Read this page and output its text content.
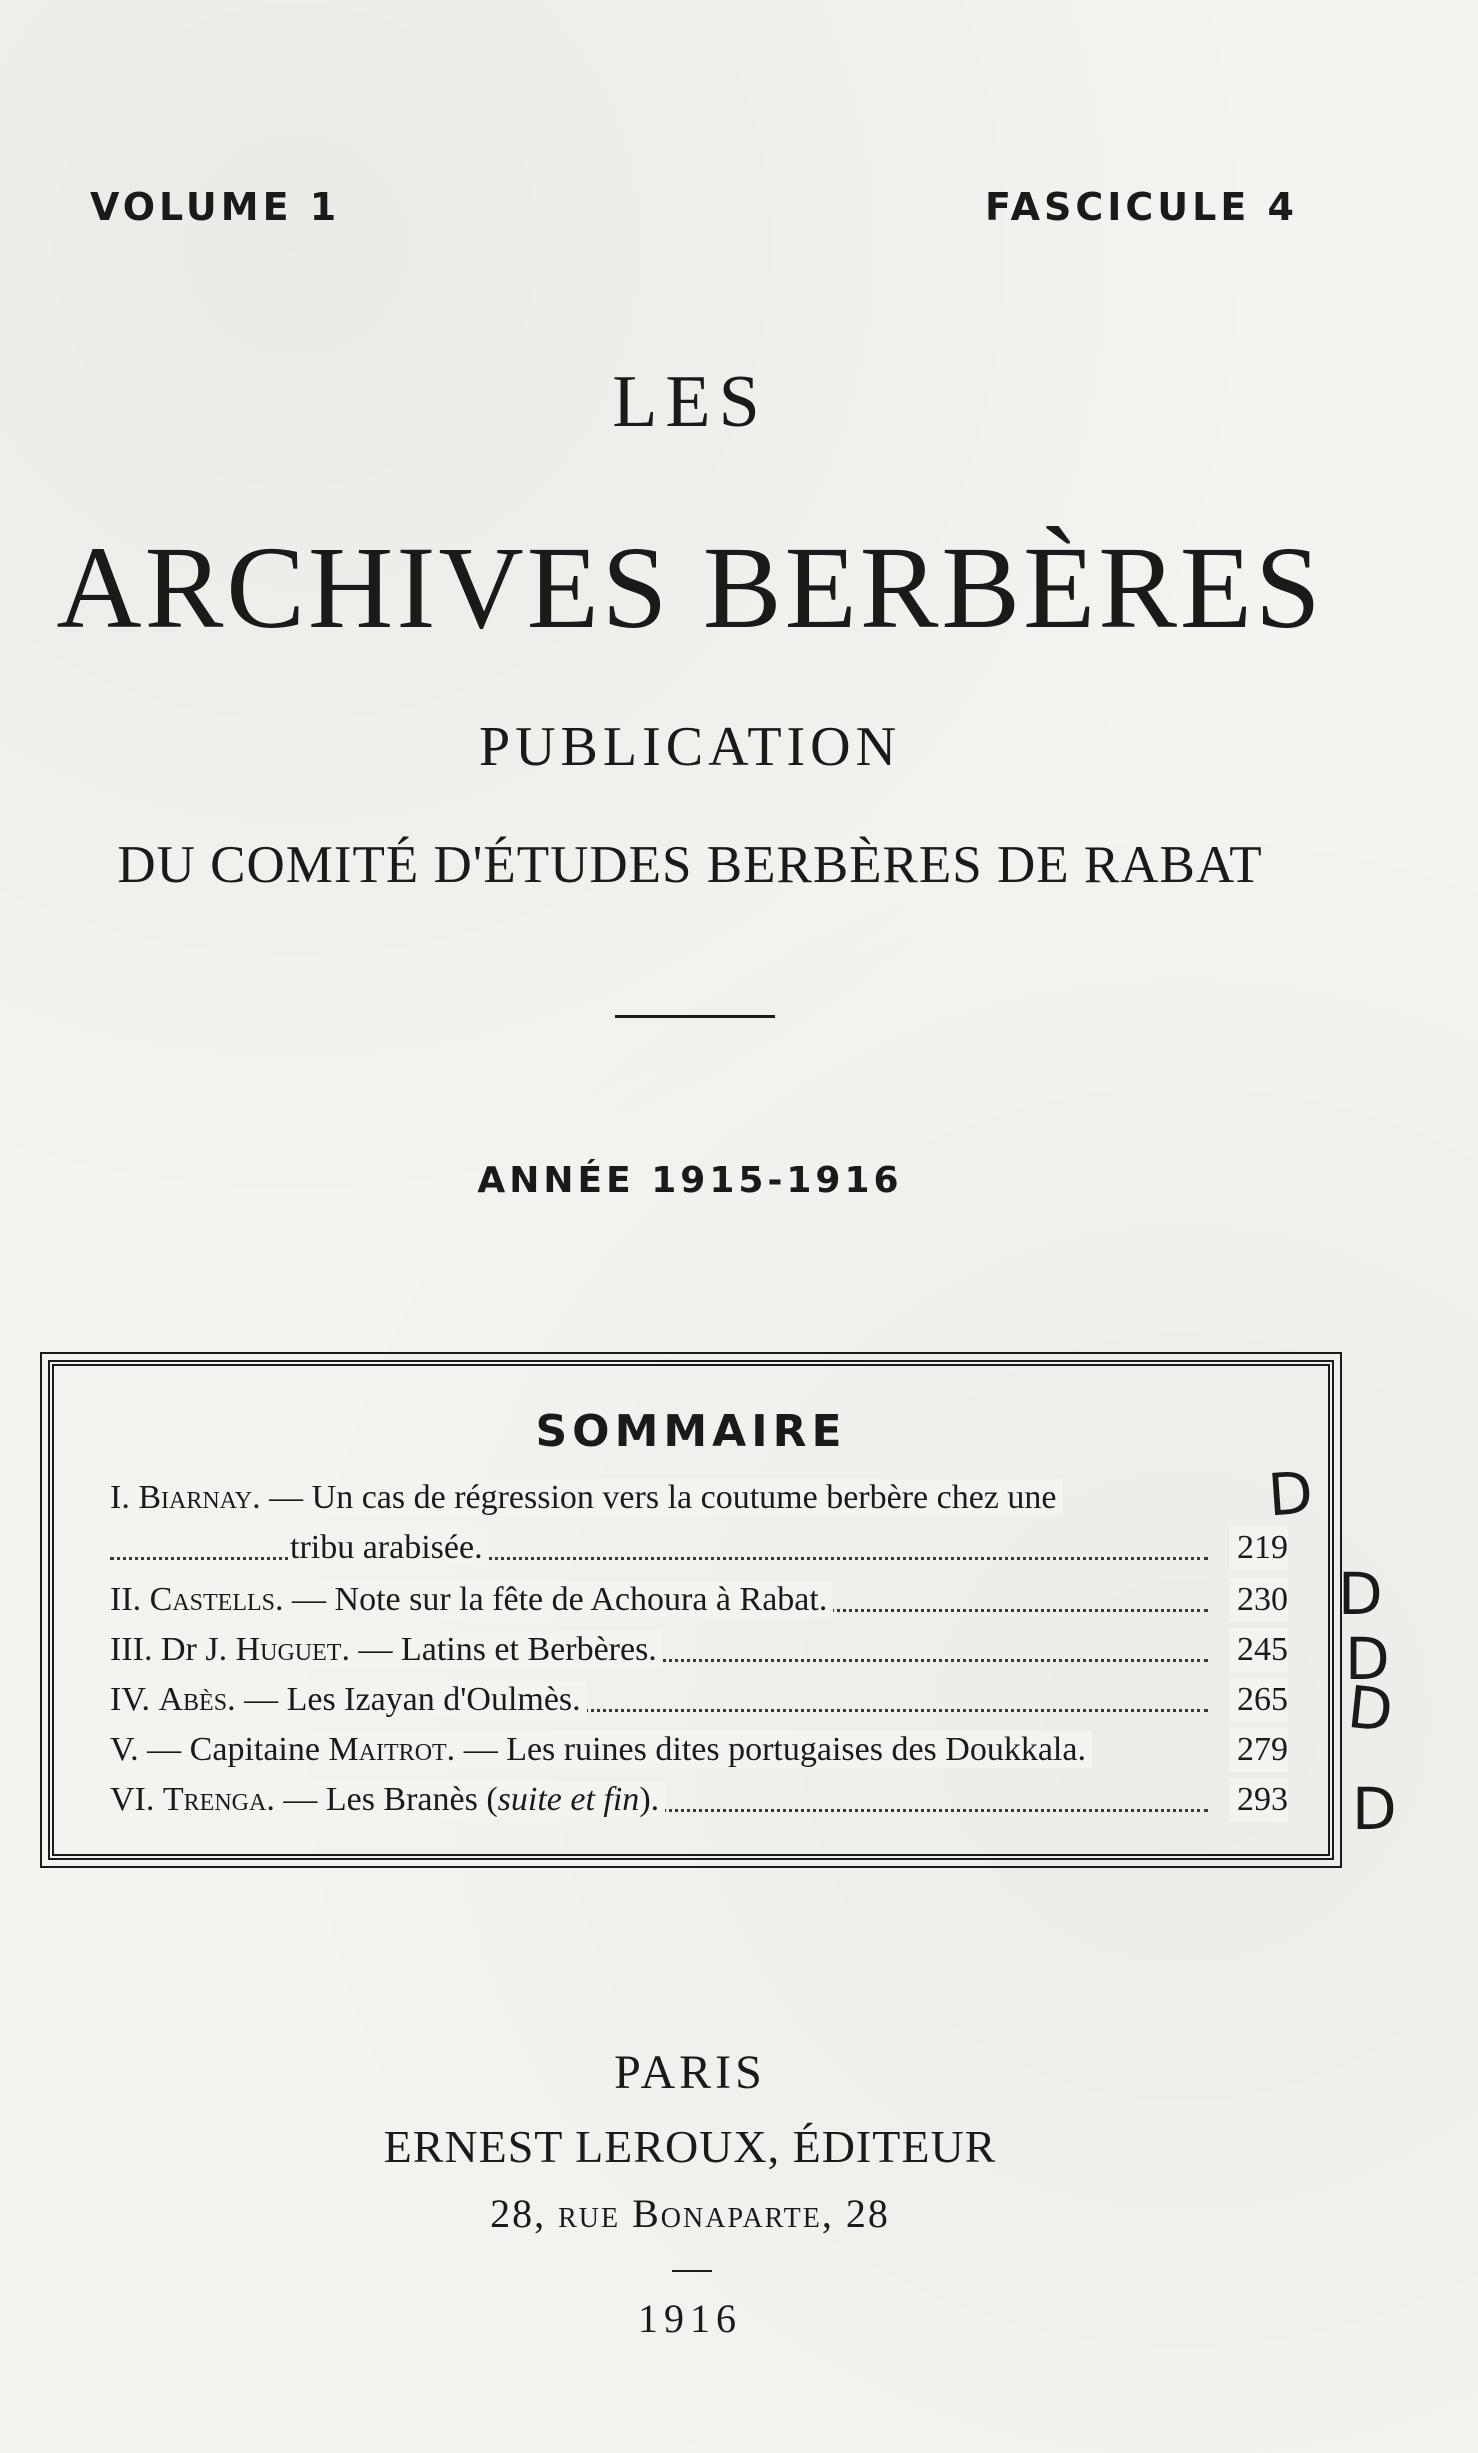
VOLUME 1	FASCICULE 4
LES
ARCHIVES BERBÈRES
PUBLICATION
DU COMITÉ D'ÉTUDES BERBÈRES DE RABAT
ANNÉE 1915-1916
SOMMAIRE
I. Biarnay. — Un cas de régression vers la coutume berbère chez une
tribu arabisée.	219
II. Castells. — Note sur la fête de Achoura à Rabat.	230
III. Dr J. Huguet. — Latins et Berbères.	245
IV. Abès. — Les Izayan d'Oulmès.	265
V. — Capitaine Maitrot. — Les ruines dites portugaises des Doukkala.	279
VI. Trenga. — Les Branès (suite et fin).	293
D
D
D
D
D
PARIS
ERNEST LEROUX, ÉDITEUR
28, rue Bonaparte, 28
1916
